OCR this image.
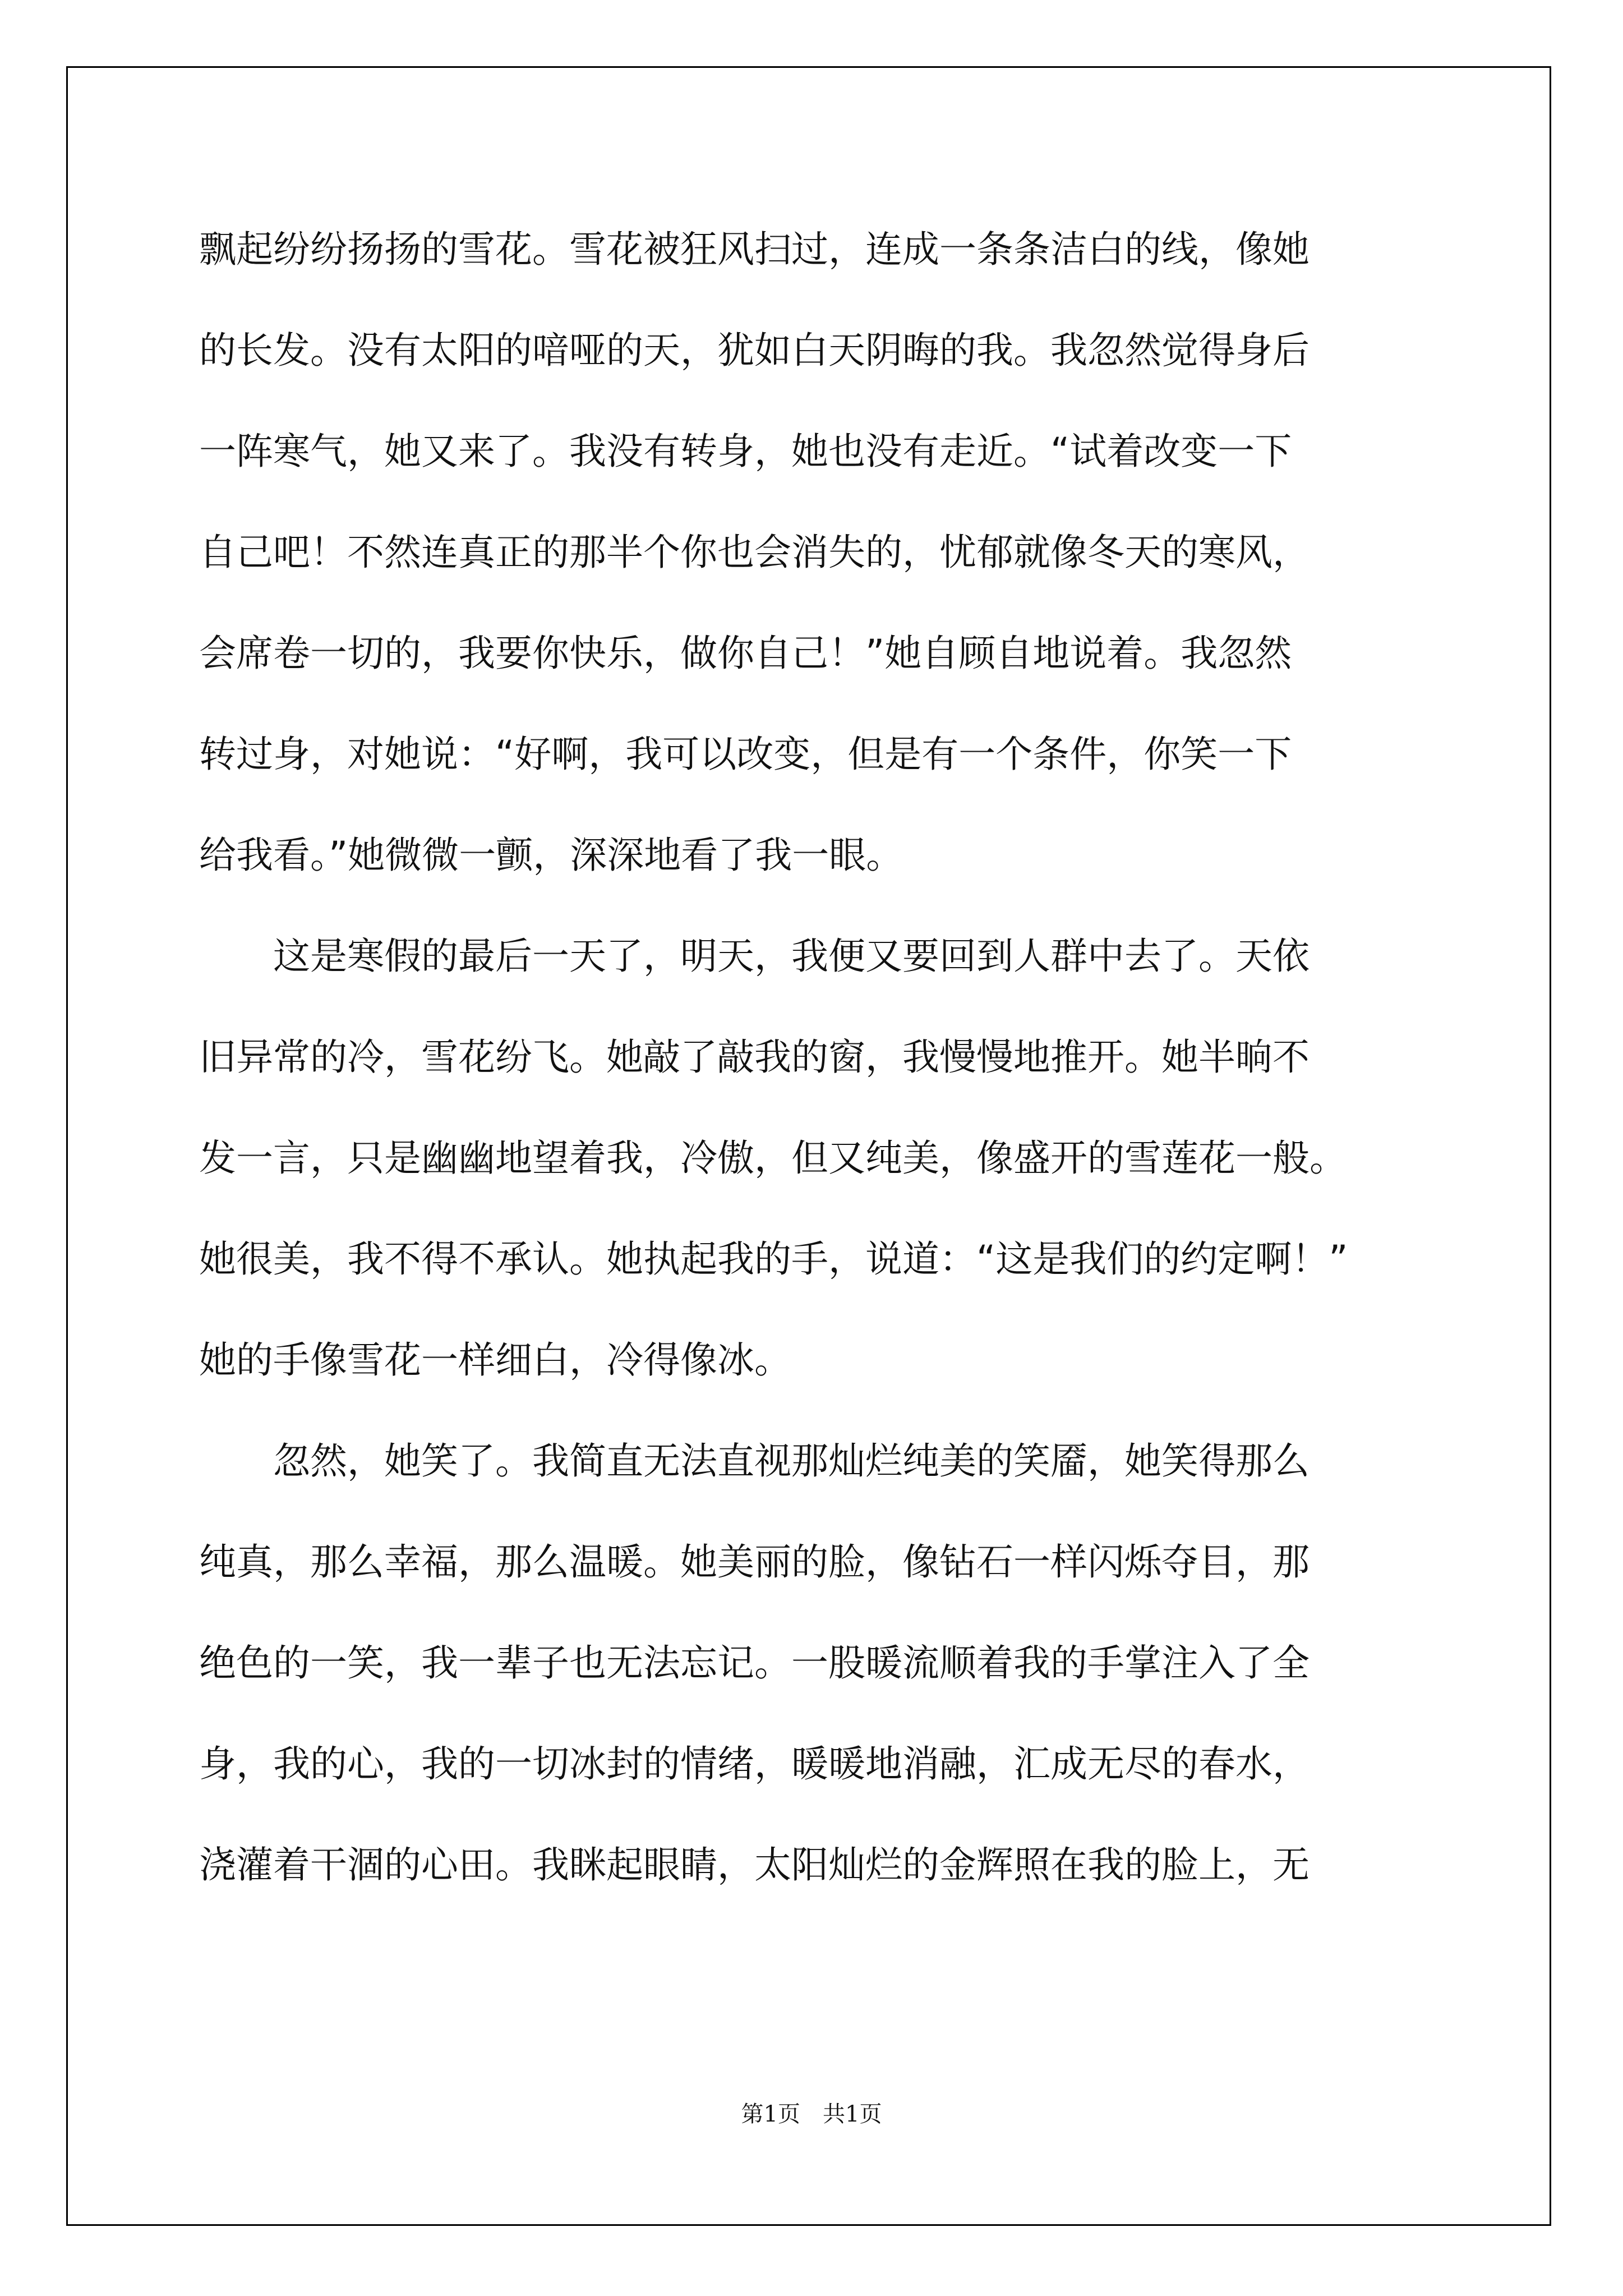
飘起纷纷扬扬的雪花。雪花被狂风扫过，连成一条条洁白的线，像她

的长发。没有太阳的喑哑的天，犹如白天阴晦的我。我忽然觉得身后

一阵寒气，她又来了。我没有转身，她也没有走近。“试着改变一下

自己吧！不然连真正的那半个你也会消失的，忧郁就像冬天的寒风，

会席卷一切的，我要你快乐，做你自己！”她自顾自地说着。我忽然

转过身，对她说：“好啊，我可以改变，但是有一个条件，你笑一下

给我看。”她微微一颤，深深地看了我一眼。

　　这是寒假的最后一天了，明天，我便又要回到人群中去了。天依

旧异常的冷，雪花纷飞。她敲了敲我的窗，我慢慢地推开。她半晌不

发一言，只是幽幽地望着我，冷傲，但又纯美，像盛开的雪莲花一般。

她很美，我不得不承认。她执起我的手，说道：“这是我们的约定啊！”

她的手像雪花一样细白，冷得像冰。

　　忽然，她笑了。我简直无法直视那灿烂纯美的笑靥，她笑得那么

纯真，那么幸福，那么温暖。她美丽的脸，像钻石一样闪烁夺目，那

绝色的一笑，我一辈子也无法忘记。一股暖流顺着我的手掌注入了全

身，我的心，我的一切冰封的情绪，暖暖地消融，汇成无尽的春水，

浇灌着干涸的心田。我眯起眼睛，太阳灿烂的金辉照在我的脸上，无

第1页　共1页
